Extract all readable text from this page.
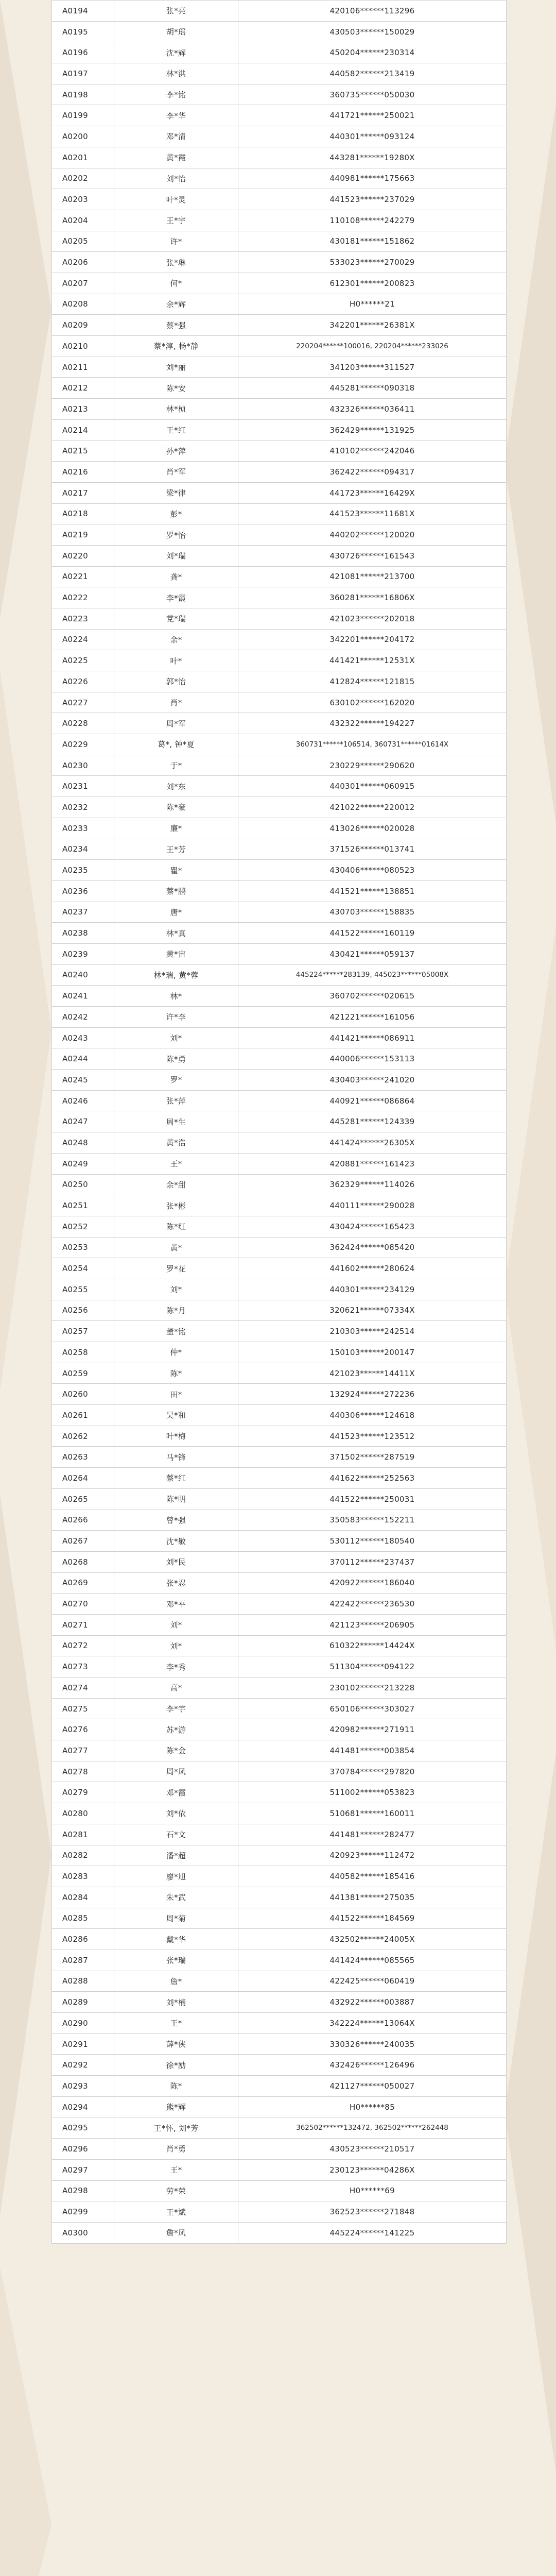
A0194	张*亮	420106******113296
A0195	胡*瑶	430503******150029
A0196	沈*辉	450204******230314
A0197	林*洪	440582******213419
A0198	李*铭	360735******050030
A0199	李*华	441721******250021
A0200	邓*清	440301******093124
A0201	黄*霞	443281******19280X
A0202	刘*怡	440981******175663
A0203	叶*灵	441523******237029
A0204	王*宇	110108******242279
A0205	许*	430181******151862
A0206	张*琳	533023******270029
A0207	何*	612301******200823
A0208	余*辉	H0******21
A0209	蔡*强	342201******26381X
A0210	蔡*淳, 杨*静	220204******100016, 220204******233026
A0211	刘*丽	341203******311527
A0212	陈*安	445281******090318
A0213	林*桢	432326******036411
A0214	王*红	362429******131925
A0215	孙*萍	410102******242046
A0216	肖*军	362422******094317
A0217	梁*律	441723******16429X
A0218	彭*	441523******11681X
A0219	罗*怡	440202******120020
A0220	刘*瑞	430726******161543
A0221	龚*	421081******213700
A0222	李*霞	360281******16806X
A0223	党*瑞	421023******202018
A0224	余*	342201******204172
A0225	叶*	441421******12531X
A0226	郭*怡	412824******121815
A0227	肖*	630102******162020
A0228	周*军	432322******194227
A0229	葛*, 钟*夏	360731******106514, 360731******01614X
A0230	于*	230229******290620
A0231	刘*东	440301******060915
A0232	陈*豪	421022******220012
A0233	廉*	413026******020028
A0234	王*芳	371526******013741
A0235	瞿*	430406******080523
A0236	蔡*鹏	441521******138851
A0237	唐*	430703******158835
A0238	林*真	441522******160119
A0239	黄*宙	430421******059137
A0240	林*瑞, 黄*蓉	445224******283139, 445023******05008X
A0241	林*	360702******020615
A0242	许*李	421221******161056
A0243	刘*	441421******086911
A0244	陈*勇	440006******153113
A0245	罗*	430403******241020
A0246	张*萍	440921******086864
A0247	周*生	445281******124339
A0248	黄*浩	441424******26305X
A0249	王*	420881******161423
A0250	余*甜	362329******114026
A0251	张*彬	440111******290028
A0252	陈*红	430424******165423
A0253	黄*	362424******085420
A0254	罗*花	441602******280624
A0255	刘*	440301******234129
A0256	陈*月	320621******07334X
A0257	董*铭	210303******242514
A0258	仲*	150103******200147
A0259	陈*	421023******14411X
A0260	田*	132924******272236
A0261	吴*和	440306******124618
A0262	叶*梅	441523******123512
A0263	马*锋	371502******287519
A0264	蔡*红	441622******252563
A0265	陈*明	441522******250031
A0266	曾*强	350583******152211
A0267	沈*敏	530112******180540
A0268	刘*民	370112******237437
A0269	张*忍	420922******186040
A0270	邓*平	422422******236530
A0271	刘*	421123******206905
A0272	刘*	610322******14424X
A0273	李*秀	511304******094122
A0274	高*	230102******213228
A0275	李*宇	650106******303027
A0276	苏*游	420982******271911
A0277	陈*金	441481******003854
A0278	周*凤	370784******297820
A0279	邓*霞	511002******053823
A0280	刘*依	510681******160011
A0281	石*文	441481******282477
A0282	潘*超	420923******112472
A0283	廖*旭	440582******185416
A0284	朱*武	441381******275035
A0285	周*菊	441522******184569
A0286	戴*华	432502******24005X
A0287	张*瑞	441424******085565
A0288	詹*	422425******060419
A0289	刘*楠	432922******003887
A0290	王*	342224******13064X
A0291	薛*侠	330326******240035
A0292	徐*励	432426******126496
A0293	陈*	421127******050027
A0294	熊*辉	H0******85
A0295	王*怀, 刘*芳	362502******132472, 362502******262448
A0296	肖*勇	430523******210517
A0297	王*	230123******04286X
A0298	劳*荣	H0******69
A0299	王*斌	362523******271848
A0300	詹*凤	445224******141225
